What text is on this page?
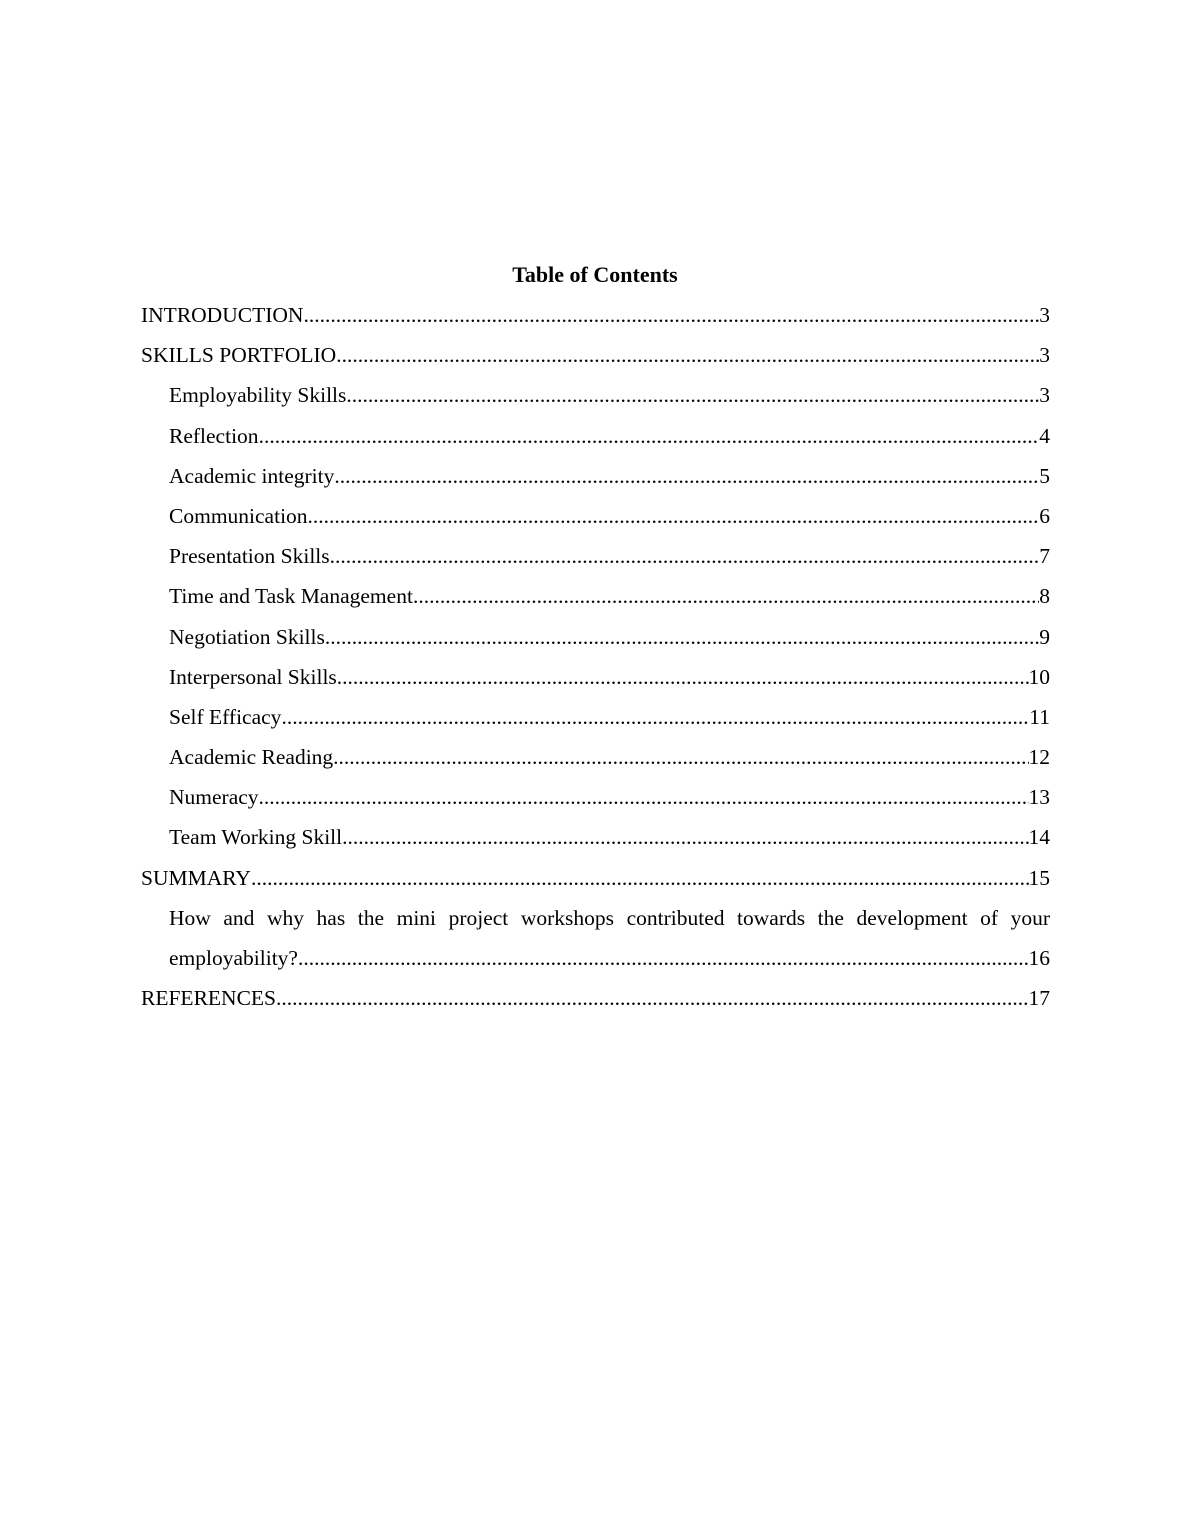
Table of Contents
INTRODUCTION .....	3
SKILLS PORTFOLIO .....	3
Employability Skills .....	3
Reflection .....	4
Academic integrity .....	5
Communication .....	6
Presentation Skills .....	7
Time and Task Management .....	8
Negotiation Skills .....	9
Interpersonal Skills .....	10
Self Efficacy .....	11
Academic Reading .....	12
Numeracy .....	13
Team Working Skill .....	14
SUMMARY .....	15
How and why has the mini project workshops contributed towards the development of your
employability? .....	16
REFERENCES .....	17
